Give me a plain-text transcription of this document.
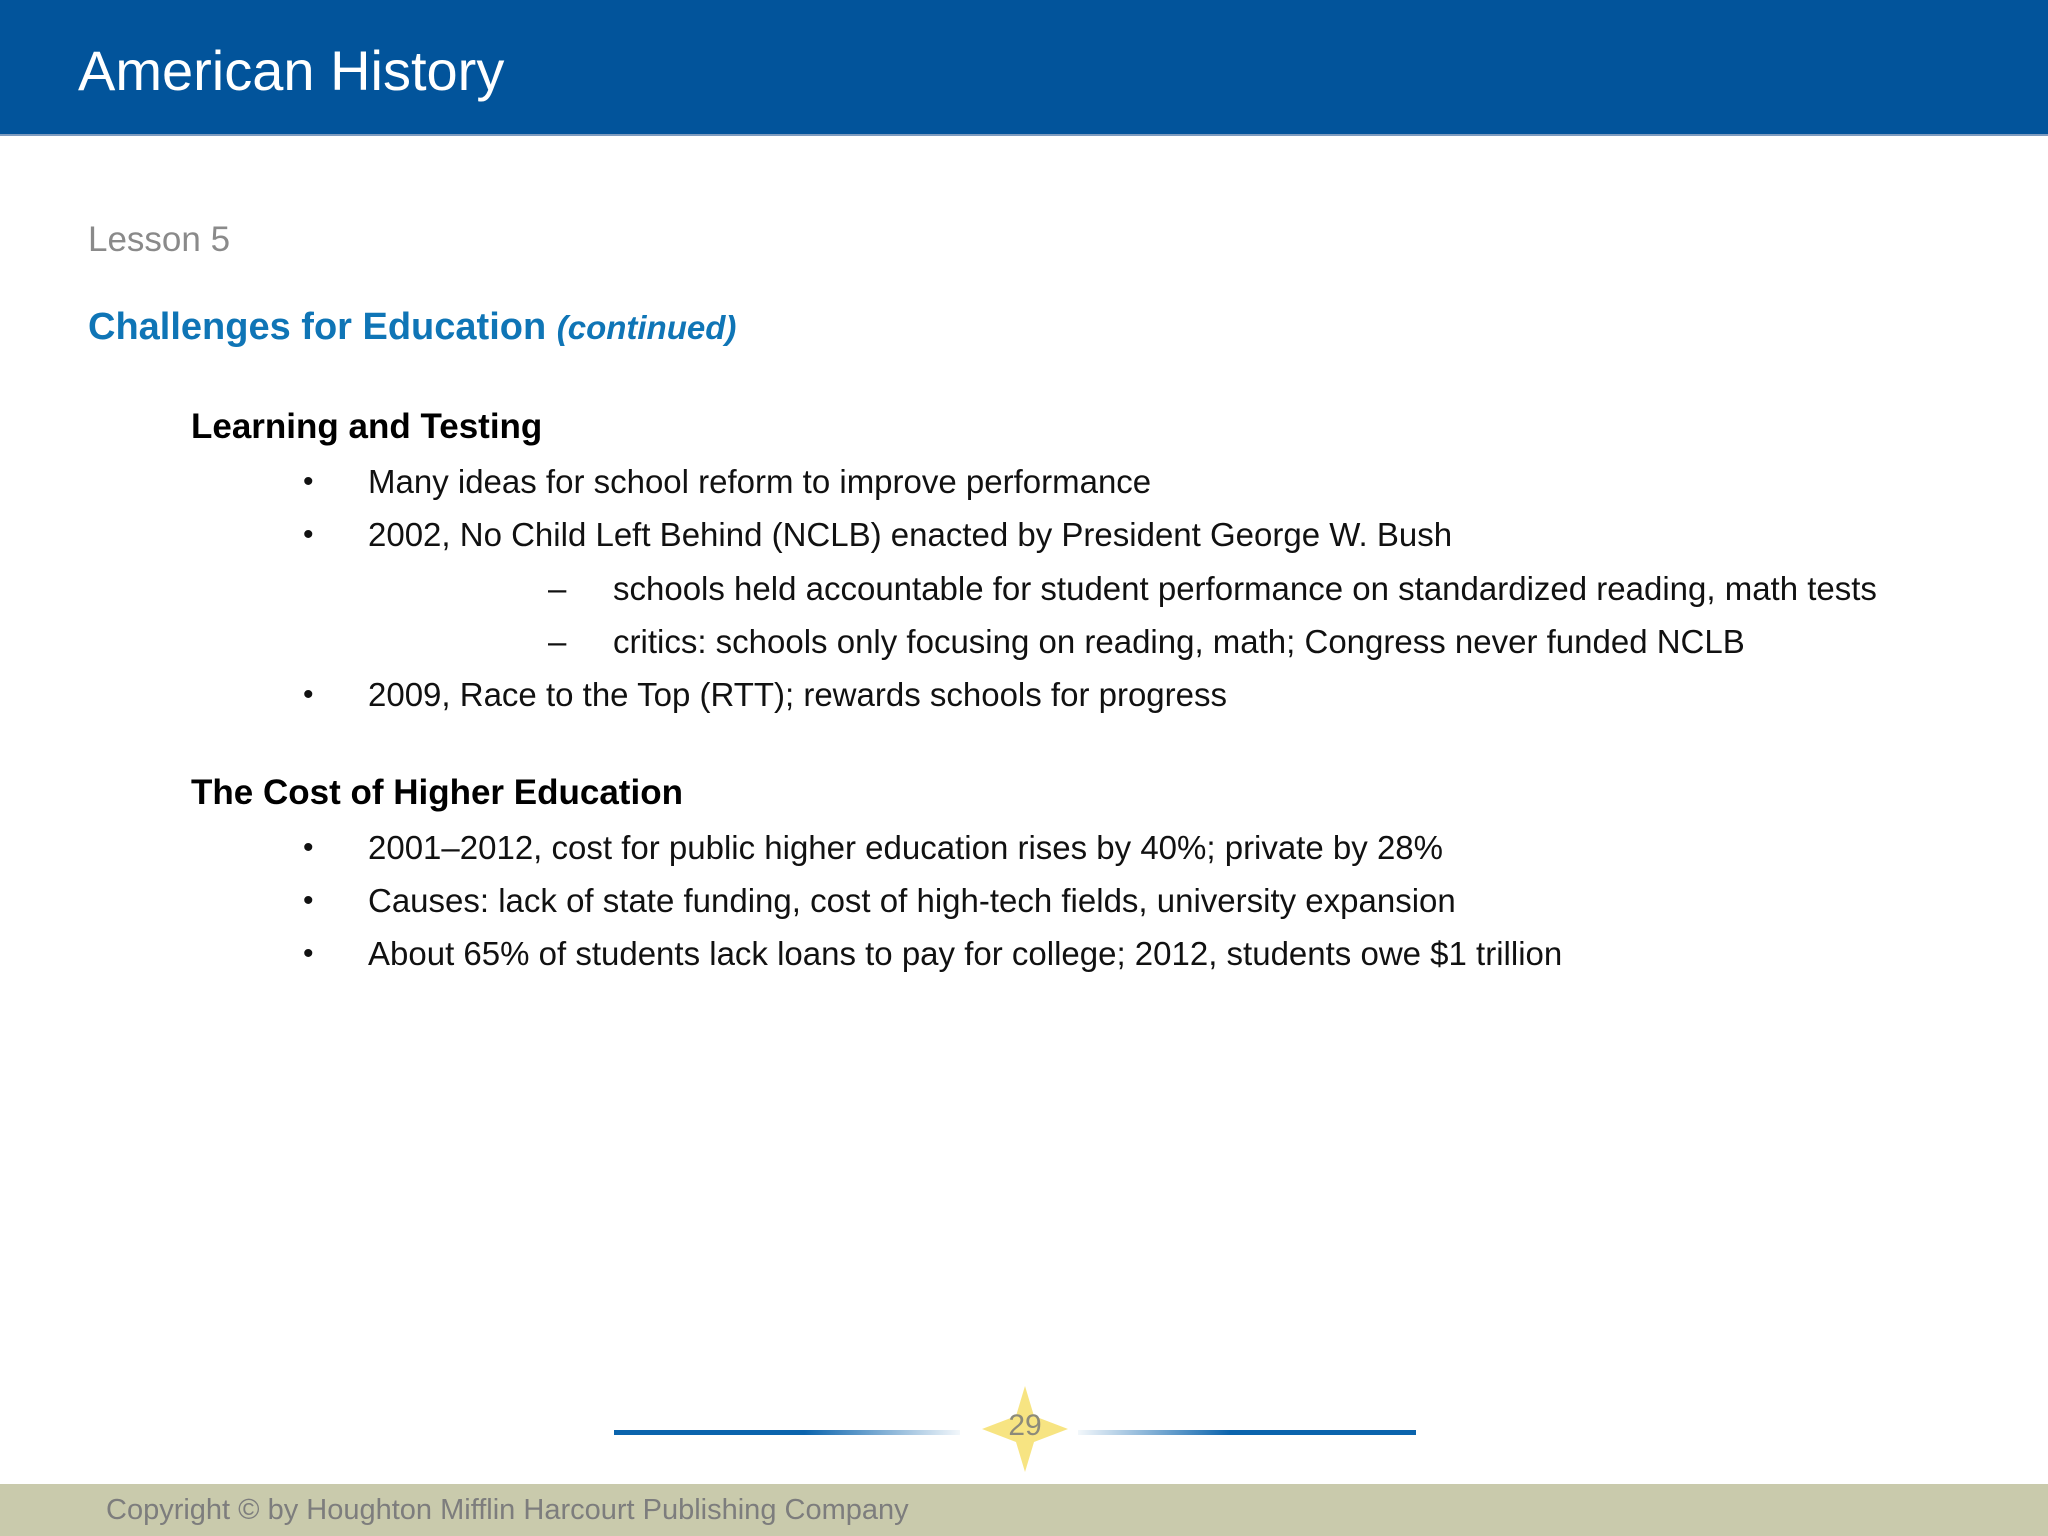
American History
Lesson 5
Challenges for Education (continued)
Learning and Testing
• Many ideas for school reform to improve performance
• 2002, No Child Left Behind (NCLB) enacted by President George W. Bush
– schools held accountable for student performance on standardized reading, math tests
– critics: schools only focusing on reading, math; Congress never funded NCLB
• 2009, Race to the Top (RTT); rewards schools for progress
The Cost of Higher Education
• 2001–2012, cost for public higher education rises by 40%; private by 28%
• Causes: lack of state funding, cost of high-tech fields, university expansion
• About 65% of students lack loans to pay for college; 2012, students owe $1 trillion
29
Copyright © by Houghton Mifflin Harcourt Publishing Company
